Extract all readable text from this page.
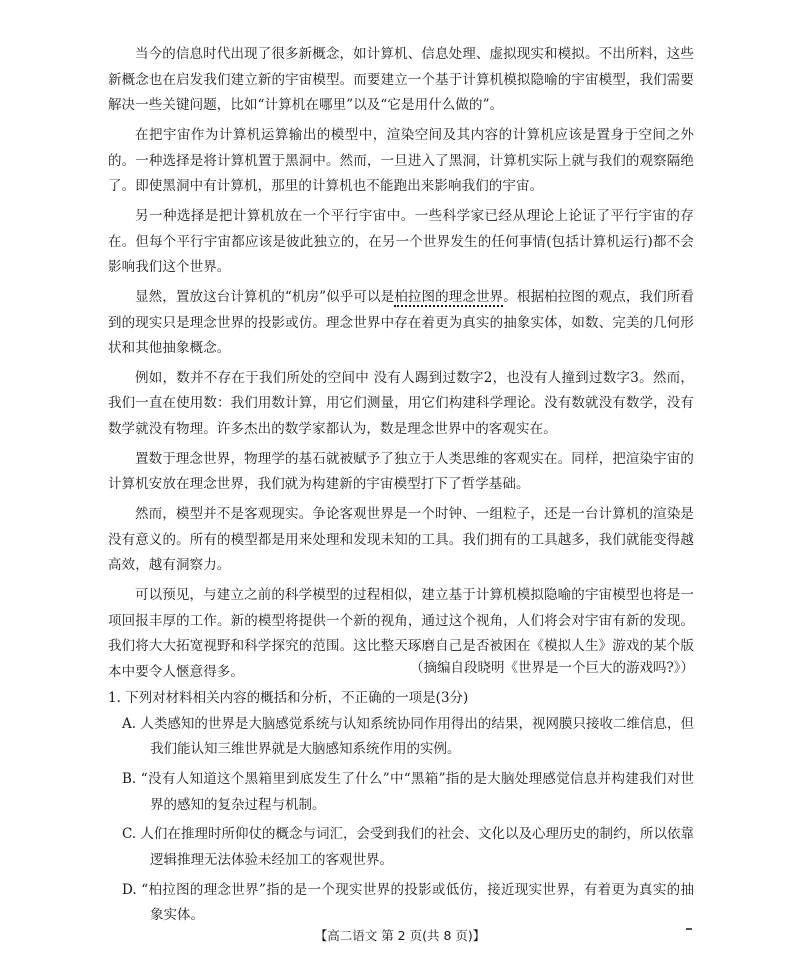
当今的信息时代出现了很多新概念，如计算机、信息处理、虚拟现实和模拟。不出所料，这些新概念也在启发我们建立新的宇宙模型。而要建立一个基于计算机模拟隐喻的宇宙模型，我们需要解决一些关键问题，比如“计算机在哪里”以及“它是用什么做的”。

在把宇宙作为计算机运算输出的模型中，渲染空间及其内容的计算机应该是置身于空间之外的。一种选择是将计算机置于黑洞中。然而，一旦进入了黑洞，计算机实际上就与我们的观察隔绝了。即使黑洞中有计算机，那里的计算机也不能跑出来影响我们的宇宙。

另一种选择是把计算机放在一个平行宇宙中。一些科学家已经从理论上论证了平行宇宙的存在。但每个平行宇宙都应该是彼此独立的，在另一个世界发生的任何事情(包括计算机运行)都不会影响我们这个世界。

显然，置放这台计算机的“机房”似乎可以是柏拉图的理念世界。根据柏拉图的观点，我们所看到的现实只是理念世界的投影或仿。理念世界中存在着更为真实的抽象实体，如数、完美的几何形状和其他抽象概念。

例如，数并不存在于我们所处的空间中 没有人踢到过数字2，也没有人撞到过数字3。然而，我们一直在使用数：我们用数计算，用它们测量，用它们构建科学理论。没有数就没有数学，没有数学就没有物理。许多杰出的数学家都认为，数是理念世界中的客观实在。

置数于理念世界，物理学的基石就被赋予了独立于人类思维的客观实在。同样，把渲染宇宙的计算机安放在理念世界，我们就为构建新的宇宙模型打下了哲学基础。

然而，模型并不是客观现实。争论客观世界是一个时钟、一组粒子，还是一台计算机的渲染是没有意义的。所有的模型都是用来处理和发现未知的工具。我们拥有的工具越多，我们就能变得越高效，越有洞察力。

可以预见，与建立之前的科学模型的过程相似，建立基于计算机模拟隐喻的宇宙模型也将是一项回报丰厚的工作。新的模型将提供一个新的视角，通过这个视角，人们将会对宇宙有新的发现。我们将大大拓宽视野和科学探究的范围。这比整天琢磨自己是否被困在《模拟人生》游戏的某个版本中要令人愜意得多。	（摘编自段晓明《世界是一个巨大的游戏吗?》）

1. 下列对材料相关内容的概括和分析，不正确的一项是(3分)

A. 人类感知的世界是大脑感觉系统与认知系统协同作用得出的结果，视网膜只接收二维信息，但我们能认知三维世界就是大脑感知系统作用的实例。

B. “没有人知道这个黑箱里到底发生了什么”中“黑箱”指的是大脑处理感觉信息并构建我们对世界的感知的复杂过程与机制。

C. 人们在推理时所仰仗的概念与词汇，会受到我们的社会、文化以及心理历史的制约，所以依靠逻辑推理无法体验未经加工的客观世界。

D. “柏拉图的理念世界”指的是一个现实世界的投影或低仿，接近现实世界，有着更为真实的抽象实体。

【高二语文 第 2 页(共 8 页)】
